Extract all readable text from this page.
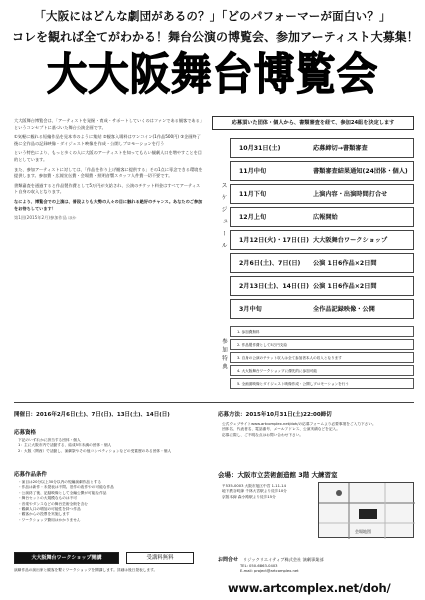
「大阪にはどんな劇団があるの？」「どのパフォーマーが面白い？」
コレを観れば全てがわかる！舞台公演の博覧会、参加アーティスト大募集！
大大阪舞台博覧会

大大阪舞台博覧会は、「アーティストを発掘・育成・サポートしていくのはファンである観客である」というコンセプトに基づいた舞台公演企画です。

①気軽に観れる短編作品を見本市のように集結 ②観客入場料はワンコイン(1作品500円) ③企画終了後に全作品の記録映像・ダイジェスト映像を作成・公開しプロモーションを行う

という特色により、もっと多くの人に大阪のアーティストを知ってもらい観劇人口を増やすことを目的としています。

また、参加アーティストに対しては、「作品を作り上げ観客に提供する」その1点に専念できる環境を提供します。参加費・広報宣伝費・会場費・照明音響スタッフ人件費一切不要です。

書類審査を通過すると作品製作費として5万円が支給され、公演のチケット料金はすべてアーティスト自身の収入となります。

なにより、博覧会での上演は、普段よりも大勢の人々の目に触れる絶好のチャンス。あなたのご参加をお待ちしています！

第1回(2015年2月)参加作品 ほか

応募頂いた団体・個人から、書類審査を経て、参加24組を決定します
スケジュール
10月31日(土)	応募締切→書類審査
11月中旬	書類審査結果通知(24団体・個人)
11月下旬	上演内容・出演時間打合せ
12月上旬	広報開始
1月12日(火)・17日(日) 大大阪舞台ワークショップ
2月6日(土)、7日(日)	公演 1日6作品×2日間
2月13日(土)、14日(日) 公演 1日6作品×2日間
3月中旬	全作品記録映像・公開
参加特典
1. 参加費無料
2. 作品製作費として5万円支給
3. 自身の公演のチケット収入は全て参加者本人の収入となります
4. 大大阪舞台ワークショップに優先的に参加可能
5. 全画面映像とダイジェスト映像作成・公開しプロモーションを行う
開催日：2016年2月6日(土)、7日(日)、13日(土)、14日(日)
応募資格
下記のいずれかに該当する団体・個人
1：主に大阪市内で活動する、結成5年未満の団体・個人
2：大阪（関西）で活動し、演劇祭やその他コンペティションなどの受賞歴のある団体・個人
応募作品条件
・演目は20分以上30分以内の短編演劇作品とする
・作品は新作・未発表は不問。旧作の改作やの可能な作品
・公演終了後、記録映像として全編公開が可能な作品
・舞台セットの大規模なものは不可
・音楽やダンスなどの舞台芸術全般を含む
・観劇人口の増加の可能性を持つ作品
・観客からの投票を実施します
・ワークショップ費用はかかりません
大大阪舞台ワークショップ開講	受講料無料
演劇作品の演出家と観客を繋ぐワークショップを開講します。詳細は後日発表します。
応募方法：2015年10月31日(土)22:00締切
公式ウェブサイトwww.artcomplex.net/doh/の応募フォームより必要事項をご入力下さい。
団体名、代表者名、電話番号、メールアドレス、公演実績などを記入。
応募に際し、ご不明な点はお問い合わせ下さい。
会場：大阪市立芸術創造館 3階 大練習室
〒535-0003 大阪市旭区中宮 1-11-14
地下鉄谷町線 千林大宮駅より徒歩10分
京阪本線 森小路駅より徒歩15分
会場地図
お問合せ　 リジックリエイティブ株式会社 演劇事業部
TEL: 050-6863-0403
E-mail: project@artcomplex.net
www.artcomplex.net/doh/
